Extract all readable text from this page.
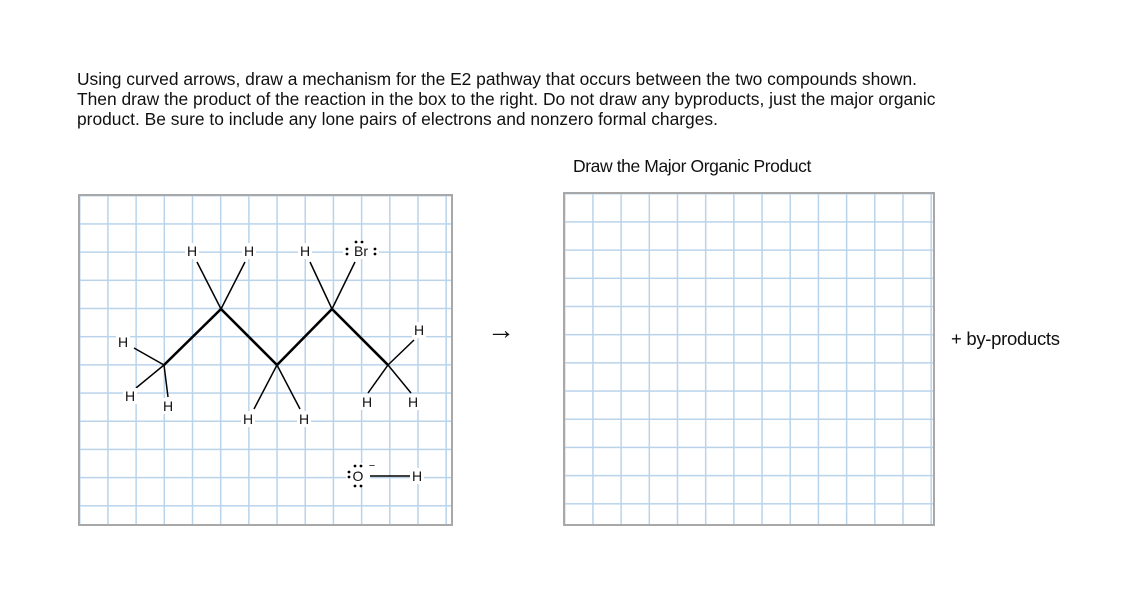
Using curved arrows, draw a mechanism for the E2 pathway that occurs between the two compounds shown.
Then draw the product of the reaction in the box to the right. Do not draw any byproducts, just the major organic
product. Be sure to include any lone pairs of electrons and nonzero formal charges.

Draw the Major Organic Product
H	H	H	Br
H
H
H
H	H	H
H	H
O	H
−
→	+ by-products
